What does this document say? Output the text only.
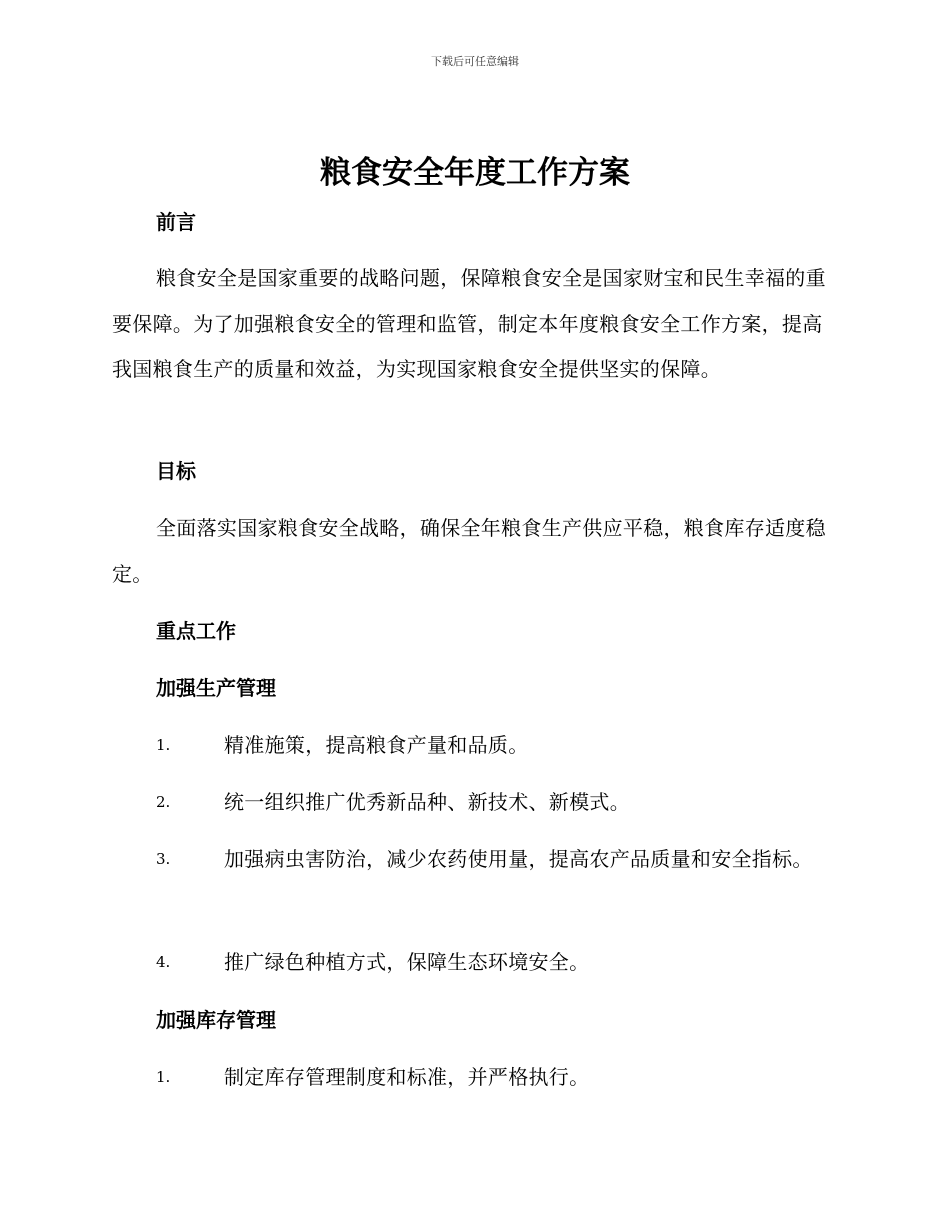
下载后可任意编辑
粮食安全年度工作方案
前言

粮食安全是国家重要的战略问题，保障粮食安全是国家财宝和民生幸福的重要保障。为了加强粮食安全的管理和监管，制定本年度粮食安全工作方案，提高我国粮食生产的质量和效益，为实现国家粮食安全提供坚实的保障。

目标

全面落实国家粮食安全战略，确保全年粮食生产供应平稳，粮食库存适度稳定。

重点工作
加强生产管理
1.	精准施策，提高粮食产量和品质。
2.	统一组织推广优秀新品种、新技术、新模式。
3.	加强病虫害防治，减少农药使用量，提高农产品质量和安全指标。
4.	推广绿色种植方式，保障生态环境安全。
加强库存管理
1.	制定库存管理制度和标准，并严格执行。
